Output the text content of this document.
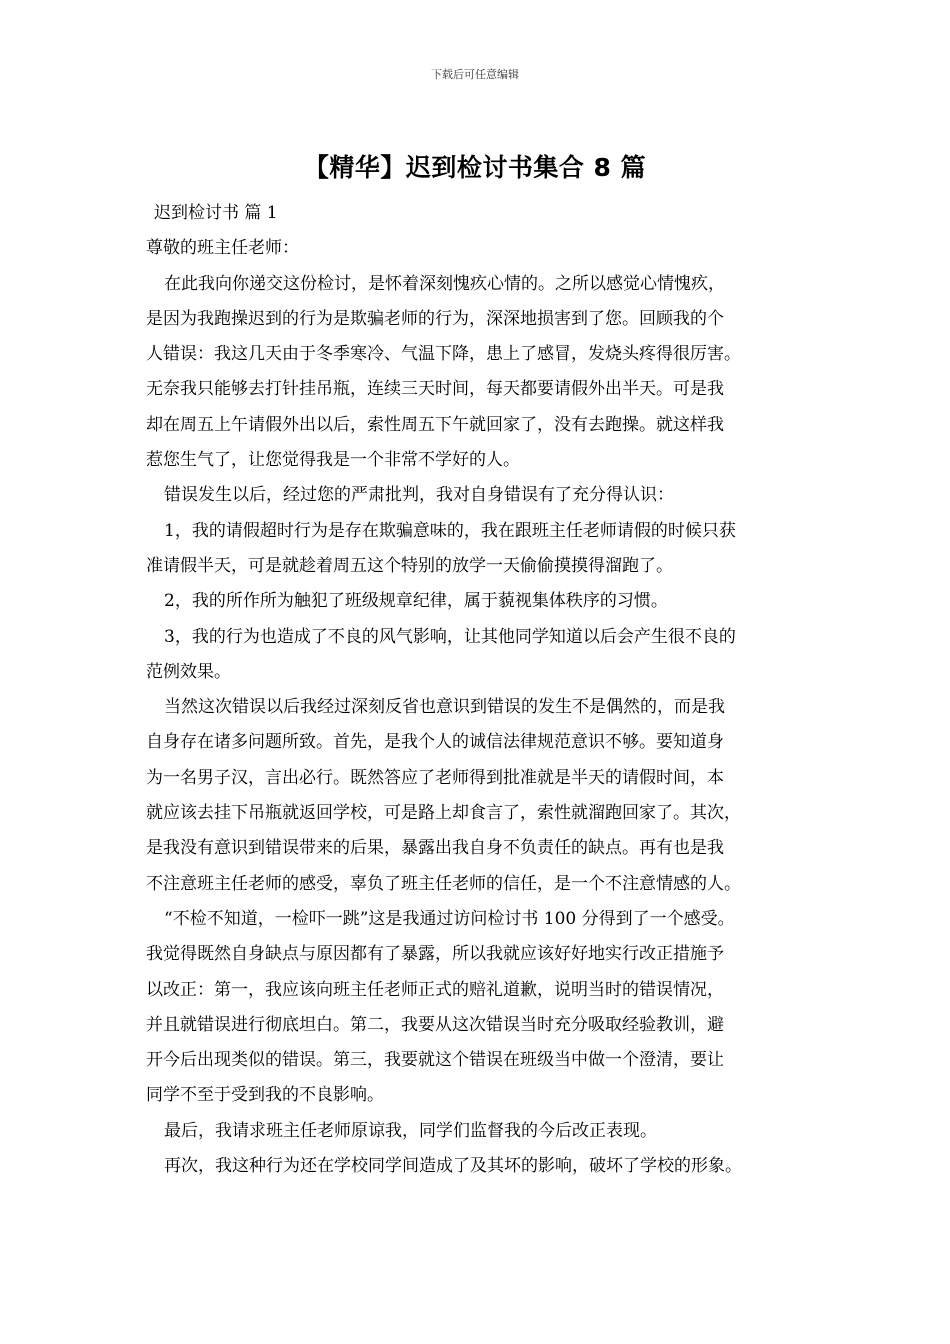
下载后可任意编辑
【精华】迟到检讨书集合 8 篇
迟到检讨书 篇 1
尊敬的班主任老师：
在此我向你递交这份检讨，是怀着深刻愧疚心情的。之所以感觉心情愧疚，
是因为我跑操迟到的行为是欺骗老师的行为，深深地损害到了您。回顾我的个
人错误：我这几天由于冬季寒冷、气温下降，患上了感冒，发烧头疼得很厉害。
无奈我只能够去打针挂吊瓶，连续三天时间，每天都要请假外出半天。可是我
却在周五上午请假外出以后，索性周五下午就回家了，没有去跑操。就这样我
惹您生气了，让您觉得我是一个非常不学好的人。
错误发生以后，经过您的严肃批判，我对自身错误有了充分得认识：
1，我的请假超时行为是存在欺骗意味的，我在跟班主任老师请假的时候只获
准请假半天，可是就趁着周五这个特别的放学一天偷偷摸摸得溜跑了。
2，我的所作所为触犯了班级规章纪律，属于藐视集体秩序的习惯。
3，我的行为也造成了不良的风气影响，让其他同学知道以后会产生很不良的
范例效果。
当然这次错误以后我经过深刻反省也意识到错误的发生不是偶然的，而是我
自身存在诸多问题所致。首先，是我个人的诚信法律规范意识不够。要知道身
为一名男子汉，言出必行。既然答应了老师得到批准就是半天的请假时间，本
就应该去挂下吊瓶就返回学校，可是路上却食言了，索性就溜跑回家了。其次，
是我没有意识到错误带来的后果，暴露出我自身不负责任的缺点。再有也是我
不注意班主任老师的感受，辜负了班主任老师的信任，是一个不注意情感的人。
“不检不知道，一检吓一跳”这是我通过访问检讨书 100 分得到了一个感受。
我觉得既然自身缺点与原因都有了暴露，所以我就应该好好地实行改正措施予
以改正：第一，我应该向班主任老师正式的赔礼道歉，说明当时的错误情况，
并且就错误进行彻底坦白。第二，我要从这次错误当时充分吸取经验教训，避
开今后出现类似的错误。第三，我要就这个错误在班级当中做一个澄清，要让
同学不至于受到我的不良影响。
最后，我请求班主任老师原谅我，同学们监督我的今后改正表现。
再次，我这种行为还在学校同学间造成了及其坏的影响，破坏了学校的形象。
